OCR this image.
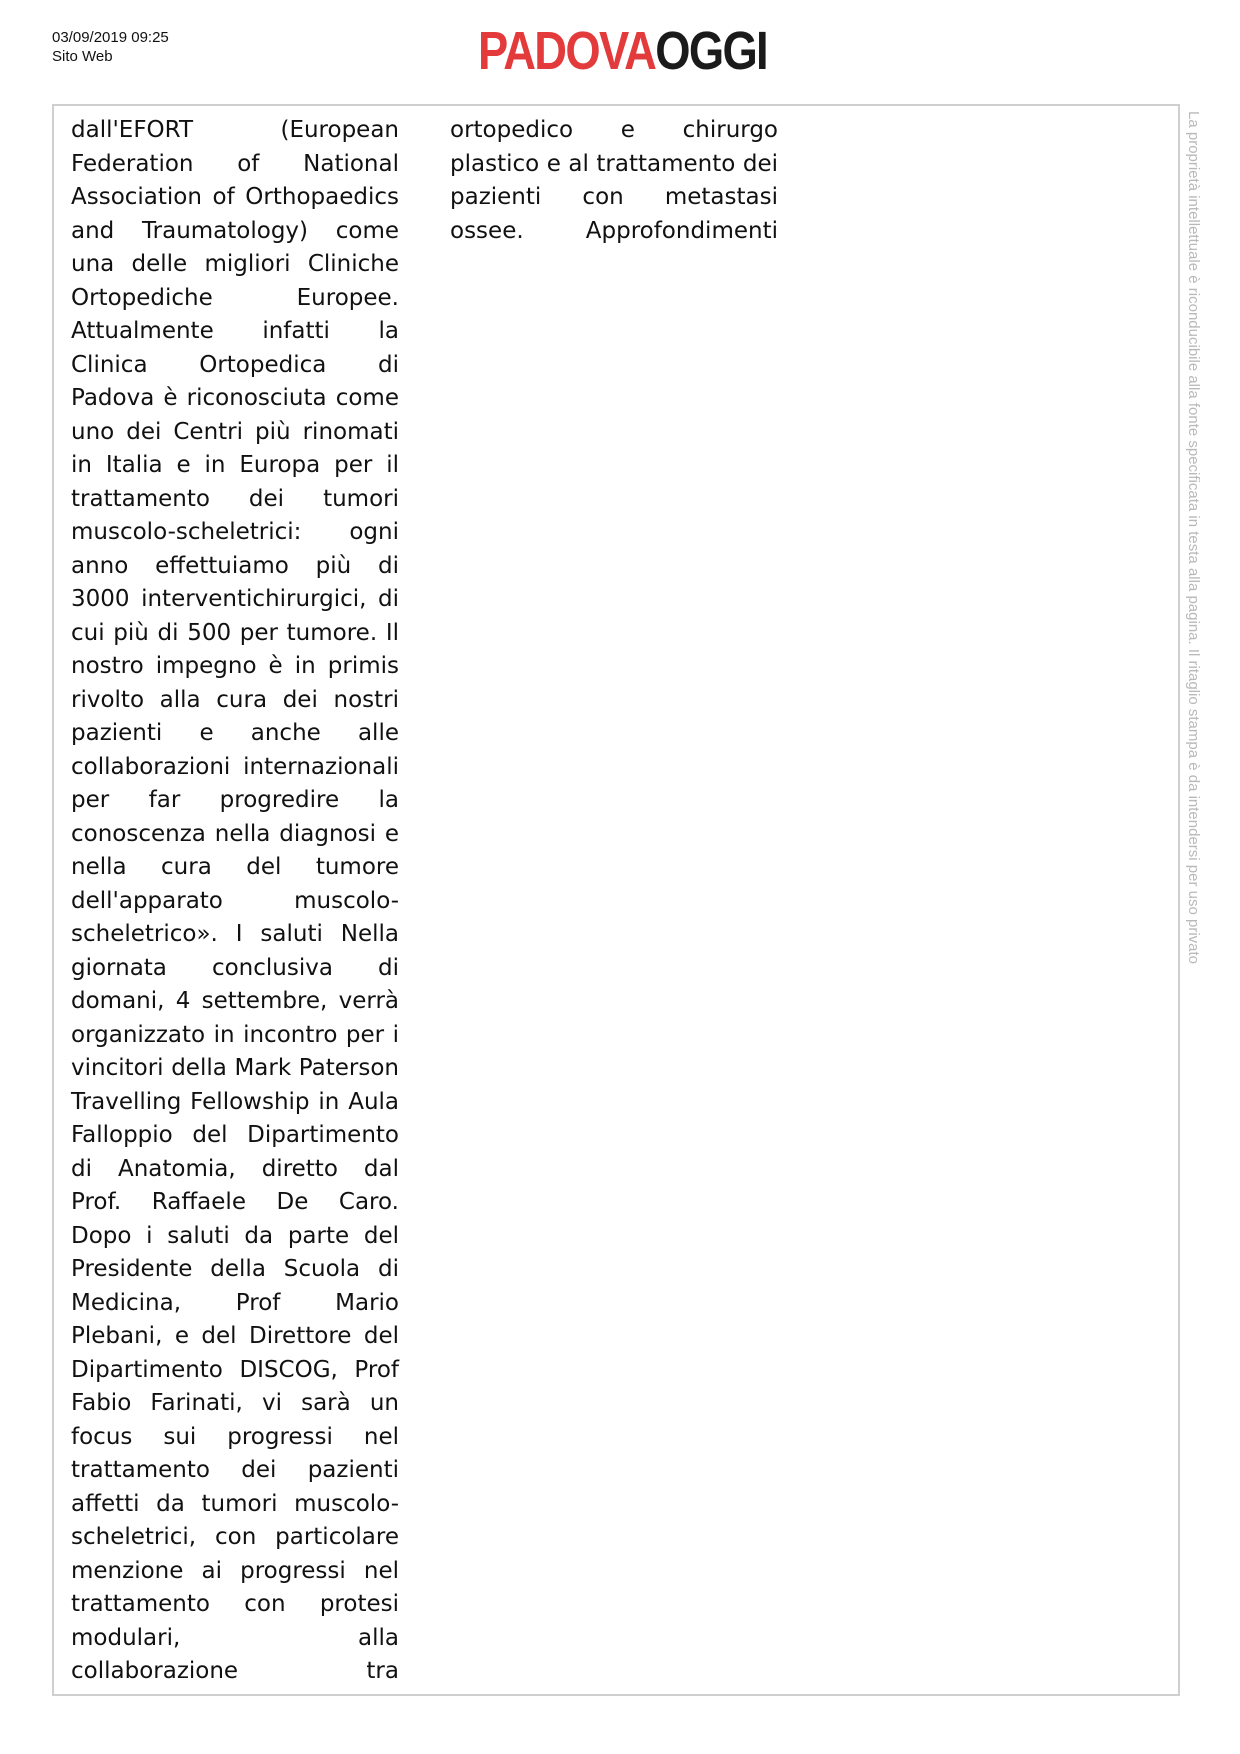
03/09/2019 09:25
Sito Web	PADOVAOGGI
dall'EFORT (European
Federation of National
Association of Orthopaedics
and Traumatology) come
una delle migliori Cliniche
Ortopediche Europee.
Attualmente infatti la
Clinica Ortopedica di
Padova è riconosciuta come
uno dei Centri più rinomati
in Italia e in Europa per il
trattamento dei tumori
muscolo-scheletrici: ogni
anno effettuiamo più di
3000 interventichirurgici, di
cui più di 500 per tumore. Il
nostro impegno è in primis
rivolto alla cura dei nostri
pazienti e anche alle
collaborazioni internazionali
per far progredire la
conoscenza nella diagnosi e
nella cura del tumore
dell'apparato muscolo-
scheletrico». I saluti Nella
giornata conclusiva di
domani, 4 settembre, verrà
organizzato in incontro per i
vincitori della Mark Paterson
Travelling Fellowship in Aula
Falloppio del Dipartimento
di Anatomia, diretto dal
Prof. Raffaele De Caro.
Dopo i saluti da parte del
Presidente della Scuola di
Medicina, Prof Mario
Plebani, e del Direttore del
Dipartimento DISCOG, Prof
Fabio Farinati, vi sarà un
focus sui progressi nel
trattamento dei pazienti
affetti da tumori muscolo-
scheletrici, con particolare
menzione ai progressi nel
trattamento con protesi
modulari, alla
collaborazione tra
ortopedico e chirurgo
plastico e al trattamento dei
pazienti con metastasi
ossee. Approfondimenti	La proprietà intellettuale è riconducibile alla fonte specificata in testa alla pagina. Il ritaglio stampa è da intendersi per uso privato
